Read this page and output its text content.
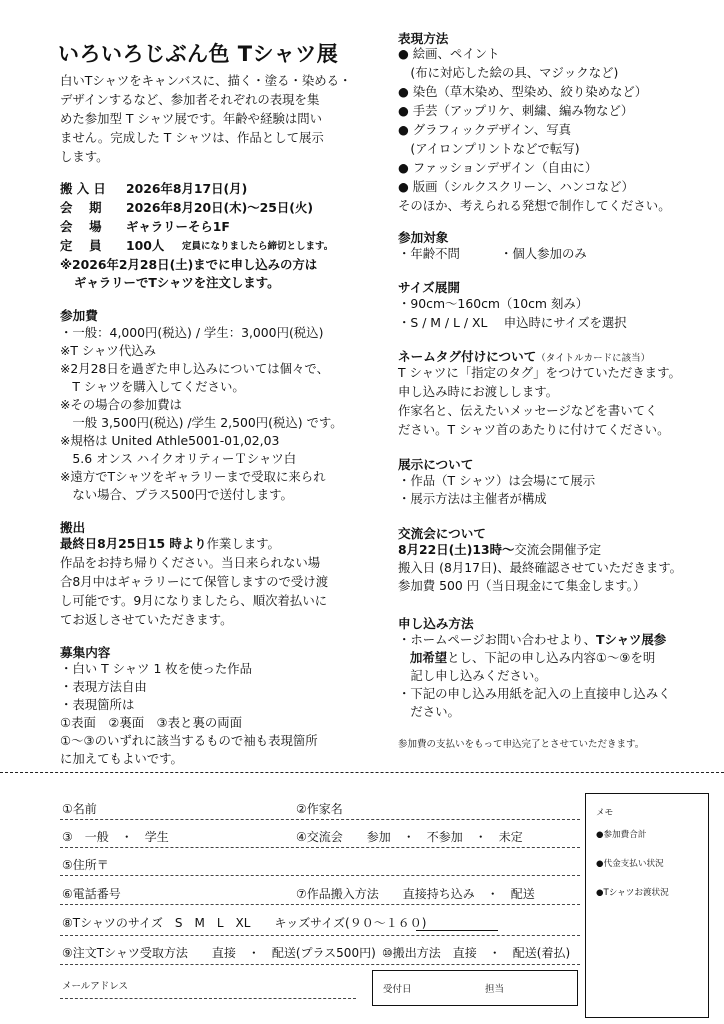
いろいろじぶん色 Tシャツ展
白いTシャツをキャンバスに、描く・塗る・染める・
デザインするなど、参加者それぞれの表現を集
めた参加型 T シャツ展です。年齢や経験は問い
ません。完成した T シャツは、作品として展示
します。
搬 入 日 2026年8月17日(月)
会　 期 2026年8月20日(木)〜25日(火)
会　 場 ギャラリーそら1F
定　 員 100人 定員になりましたら締切とします。
※2026年2月28日(土)までに申し込みの方は
ギャラリーでTシャツを注文します。
参加費
・一般：4,000円(税込) / 学生：3,000円(税込)
※T シャツ代込み
※2月28日を過ぎた申し込みについては個々で、
　T シャツを購入してください。
※その場合の参加費は
　一般 3,500円(税込) /学生 2,500円(税込) です。
※規格は United Athle5001-01,02,03
　5.6 オンス ハイクオリティーＴシャツ白
※遠方でTシャツをギャラリーまで受取に来られ
　ない場合、プラス500円で送付します。
搬出
最終日8月25日15 時より作業します。
作品をお持ち帰りください。当日来られない場
合8月中はギャラリーにて保管しますので受け渡
し可能です。9月になりましたら、順次着払いに
てお返しさせていただきます。
募集内容
・白い T シャツ 1 枚を使った作品
・表現方法自由
・表現箇所は
①表面　②裏面　③表と裏の両面
①〜③のいずれに該当するもので袖も表現箇所
に加えてもよいです。
表現方法
● 絵画、ペイント
　(布に対応した絵の具、マジックなど)
● 染色（草木染め、型染め、絞り染めなど）
● 手芸（アップリケ、刺繍、編み物など）
● グラフィックデザイン、写真
　(アイロンプリントなどで転写)
● ファッションデザイン（自由に）
● 版画（シルクスクリーン、ハンコなど）
そのほか、考えられる発想で制作してください。
参加対象
・年齢不問	・個人参加のみ
サイズ展開
・90cm〜160cm（10cm 刻み）
・S / M / L / XL　 申込時にサイズを選択
ネームタグ付けについて（タイトルカードに該当）
T シャツに「指定のタグ」をつけていただきます。
申し込み時にお渡しします。
作家名と、伝えたいメッセージなどを書いてく
ださい。T シャツ首のあたりに付けてください。
展示について
・作品（T シャツ）は会場にて展示
・展示方法は主催者が構成
交流会について
8月22日(土)13時〜交流会開催予定
搬入日 (8月17日)、最終確認させていただきます。
参加費 500 円（当日現金にて集金します。）
申し込み方法
・ホームページお問い合わせより、Tシャツ展参
加希望とし、下記の申し込み内容①〜⑨を明
　記し申し込みください。
・下記の申し込み用紙を記入の上直接申し込みく
　ださい。
参加費の支払いをもって申込完了とさせていただきます。
①名前	②作家名
③　一般　・　学生	④交流会　　参加　・　不参加　・　未定
⑤住所〒
⑥電話番号	⑦作品搬入方法　　直接持ち込み　・　配送
⑧Tシャツのサイズ　S　M　L　XL　　キッズサイズ(９０〜１６０)
⑨注文Tシャツ受取方法　　直接　・　配送(プラス500円) ⑩搬出方法　直接　・　配送(着払)
メールアドレス	受付日	担当
メモ
●参加費合計
●代金支払い状況
●Tシャツお渡状況
